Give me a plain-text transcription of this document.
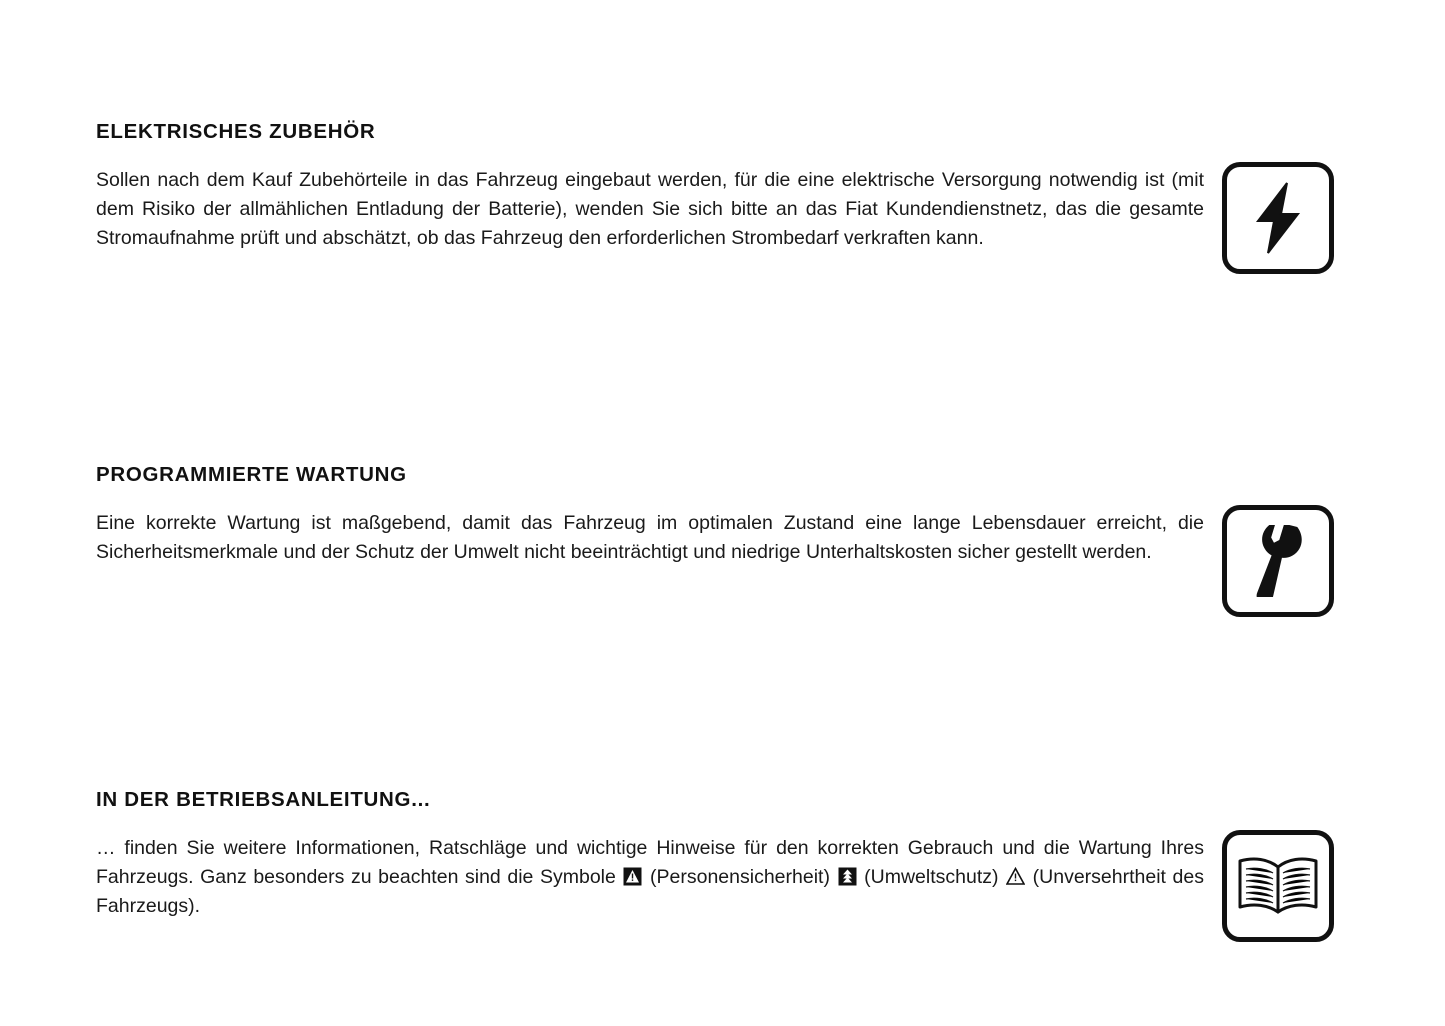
ELEKTRISCHES ZUBEHÖR

Sollen nach dem Kauf Zubehörteile in das Fahrzeug eingebaut werden, für die eine elektrische Versorgung notwendig ist (mit dem Risiko der allmählichen Entladung der Batterie), wenden Sie sich bitte an das Fiat Kundendienstnetz, das die gesamte Stromaufnahme prüft und abschätzt, ob das Fahrzeug den erforderlichen Strombedarf verkraften kann.

PROGRAMMIERTE WARTUNG

Eine korrekte Wartung ist maßgebend, damit das Fahrzeug im optimalen Zustand eine lange Lebensdauer erreicht, die Sicherheitsmerkmale und der Schutz der Umwelt nicht beeinträchtigt und niedrige Unterhaltskosten sicher gestellt werden.

IN DER BETRIEBSANLEITUNG...

… finden Sie weitere Informationen, Ratschläge und wichtige Hinweise für den korrekten Gebrauch und die Wartung Ihres Fahrzeugs. Ganz besonders zu beachten sind die Symbole
(Personensicherheit)
(Umweltschutz)
(Unversehrtheit des Fahrzeugs).
